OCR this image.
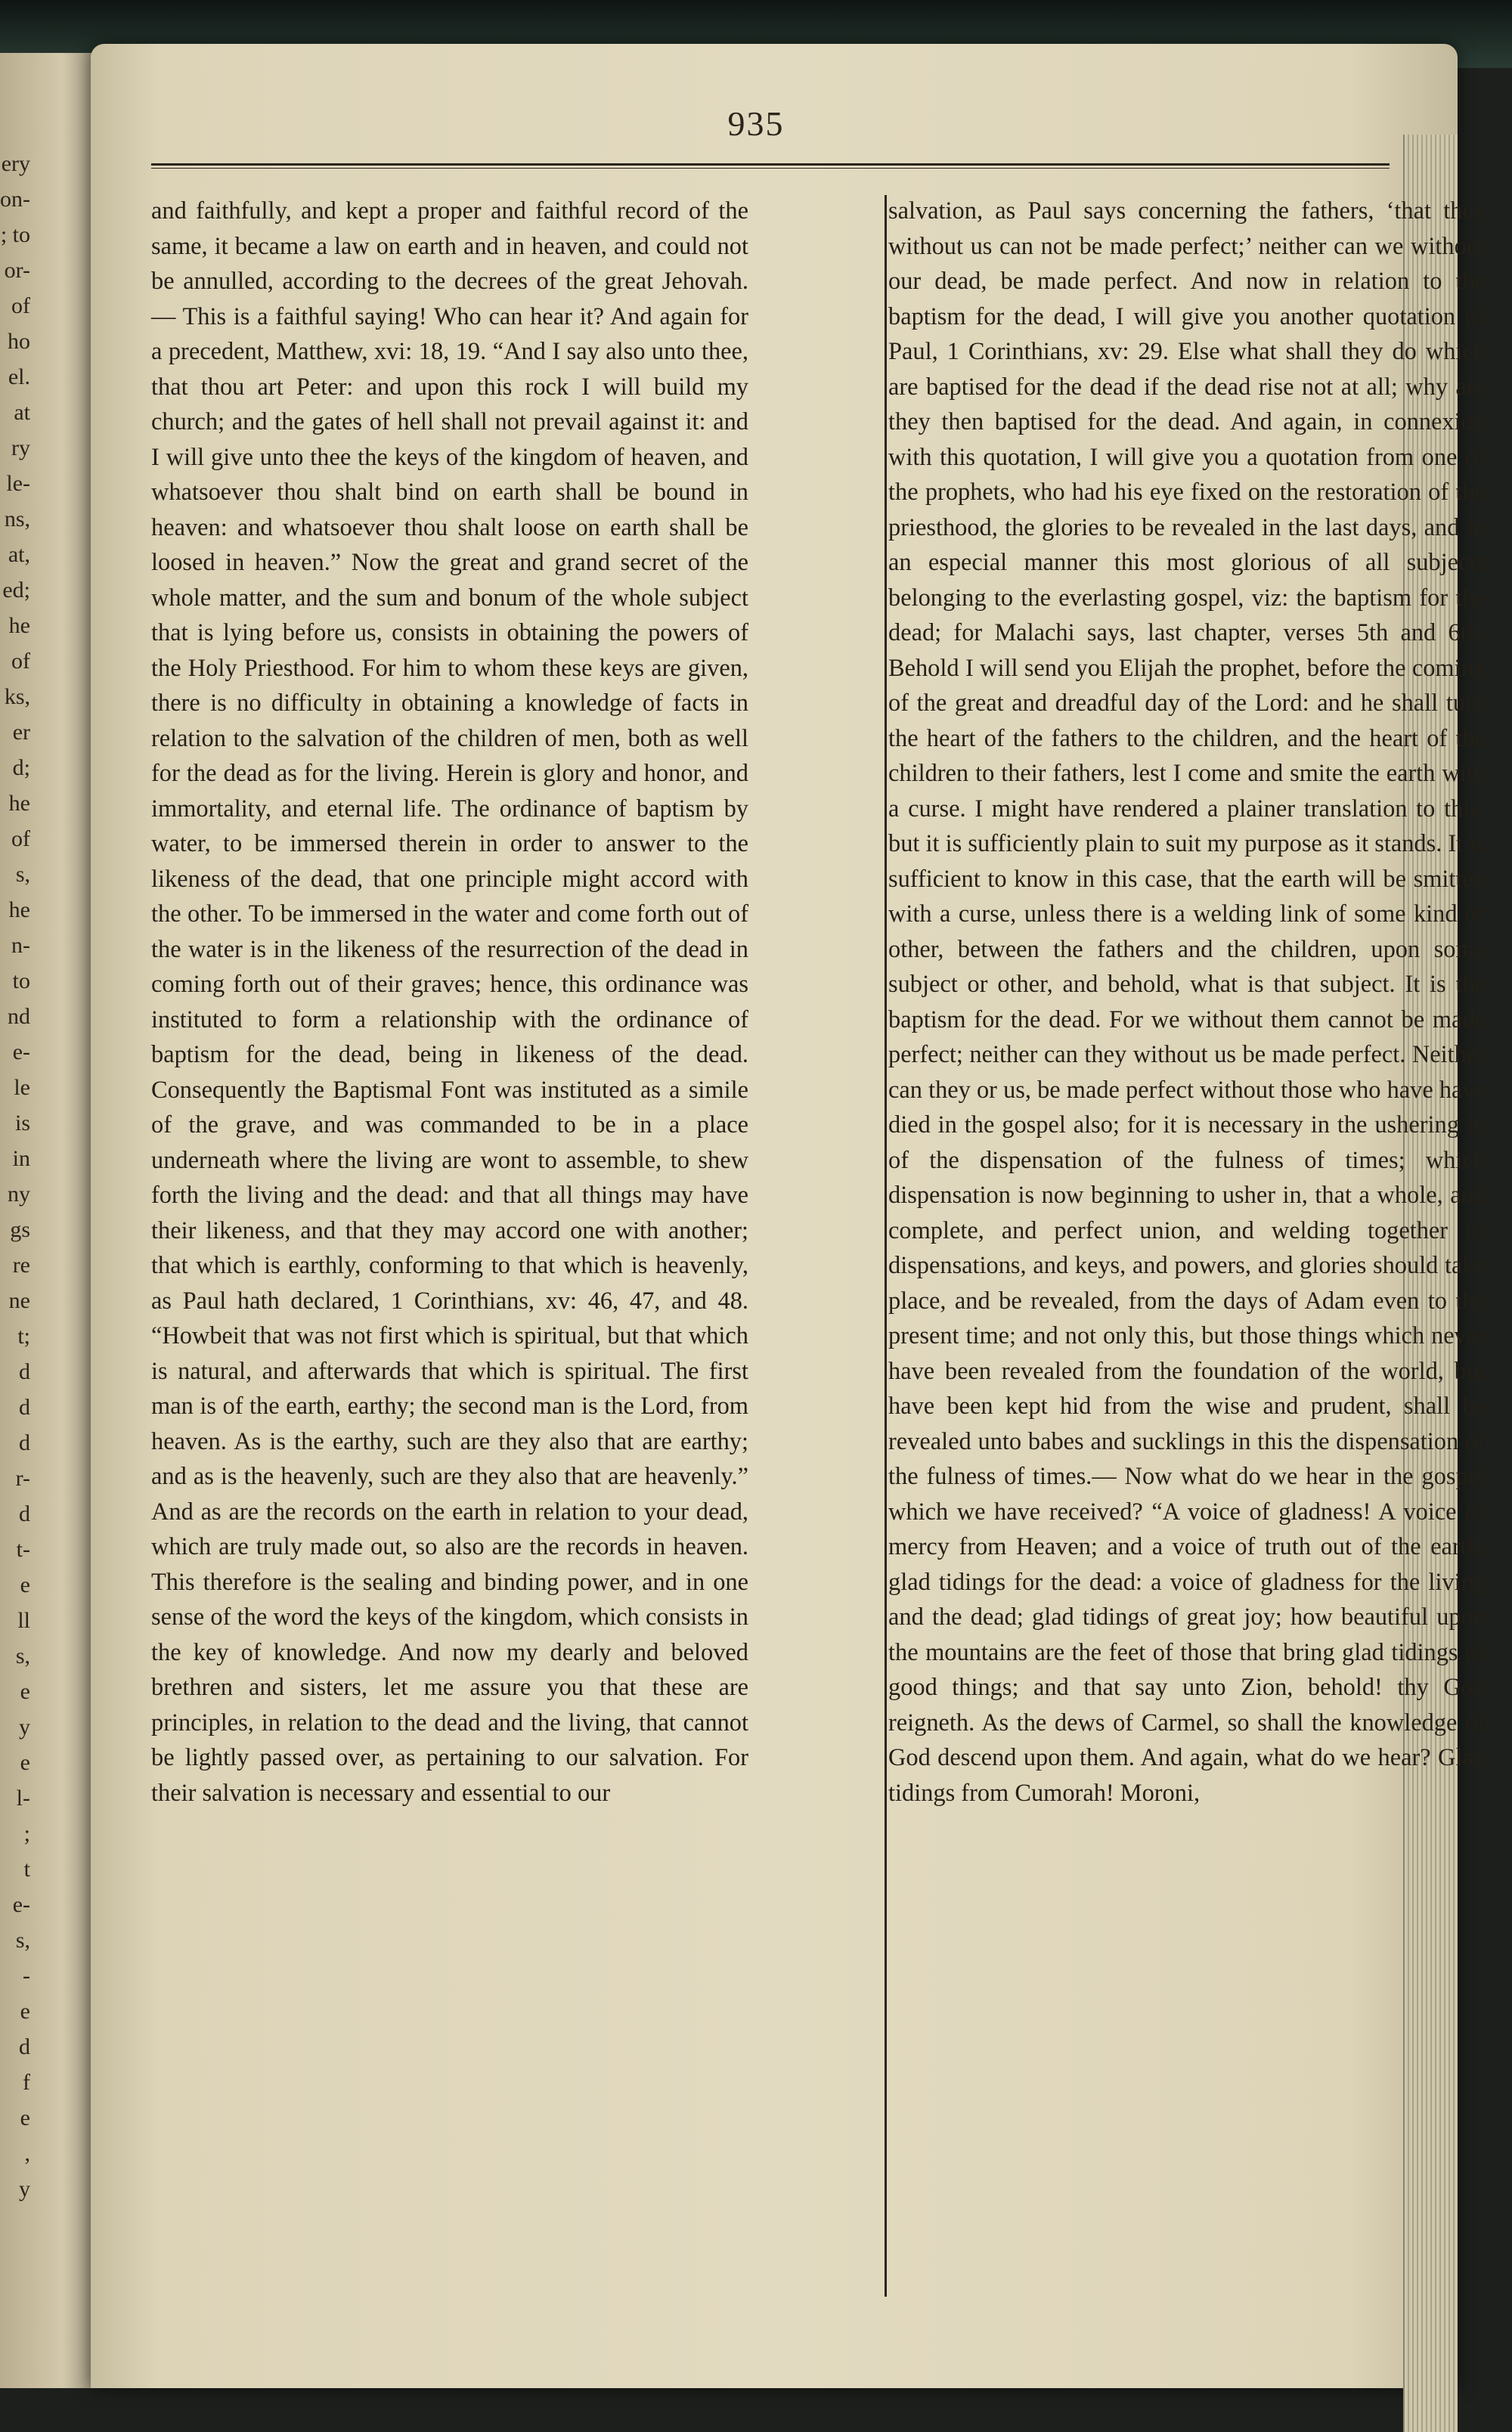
ery
on-
; to
or-
of
ho
el.
at
ry
le-
ns,
at,
ed;
he
of
ks,
er
d;
he
of
s,
he
n-
to
nd
e-
le
is
in
ny
gs
re
ne
t;
d
d
d
r-
d
t-
e
ll
s,
e
y
e
l-
;
t
e-
s,
-
e
d
f
e
,
y
935

and faithfully, and kept a proper and faithful record of the same, it became a law on earth and in heaven, and could not be annulled, according to the decrees of the great Jehovah.— This is a faithful saying! Who can hear it? And again for a precedent, Matthew, xvi: 18, 19. “And I say also unto thee, that thou art Peter: and upon this rock I will build my church; and the gates of hell shall not prevail against it: and I will give unto thee the keys of the kingdom of heaven, and whatsoever thou shalt bind on earth shall be bound in heaven: and whatsoever thou shalt loose on earth shall be loosed in heaven.” Now the great and grand secret of the whole matter, and the sum and bonum of the whole subject that is lying before us, consists in obtaining the powers of the Holy Priesthood. For him to whom these keys are given, there is no difficulty in obtaining a knowledge of facts in relation to the salvation of the children of men, both as well for the dead as for the living. Herein is glory and honor, and immortality, and eternal life. The ordinance of baptism by water, to be immersed therein in order to answer to the likeness of the dead, that one principle might accord with the other. To be immersed in the water and come forth out of the water is in the likeness of the resurrection of the dead in coming forth out of their graves; hence, this ordinance was instituted to form a relationship with the ordinance of baptism for the dead, being in likeness of the dead. Consequently the Baptismal Font was instituted as a simile of the grave, and was commanded to be in a place underneath where the living are wont to assemble, to shew forth the living and the dead: and that all things may have their likeness, and that they may accord one with another; that which is earthly, conforming to that which is heavenly, as Paul hath declared, 1 Corinthians, xv: 46, 47, and 48. “Howbeit that was not first which is spiritual, but that which is natural, and afterwards that which is spiritual. The first man is of the earth, earthy; the second man is the Lord, from heaven. As is the earthy, such are they also that are earthy; and as is the heavenly, such are they also that are heavenly.” And as are the records on the earth in relation to your dead, which are truly made out, so also are the records in heaven. This therefore is the sealing and binding power, and in one sense of the word the keys of the kingdom, which consists in the key of knowledge. And now my dearly and beloved brethren and sisters, let me assure you that these are principles, in relation to the dead and the living, that cannot be lightly passed over, as pertaining to our salvation. For their salvation is necessary and essential to our

salvation, as Paul says concerning the fathers, ‘that they without us can not be made perfect;’ neither can we without our dead, be made perfect. And now in relation to the baptism for the dead, I will give you another quotation of Paul, 1 Corinthians, xv: 29. Else what shall they do which are baptised for the dead if the dead rise not at all; why are they then baptised for the dead. And again, in connexion with this quotation, I will give you a quotation from one of the prophets, who had his eye fixed on the restoration of the priesthood, the glories to be revealed in the last days, and in an especial manner this most glorious of all subjects belonging to the everlasting gospel, viz: the baptism for the dead; for Malachi says, last chapter, verses 5th and 6th, Behold I will send you Elijah the prophet, before the coming of the great and dreadful day of the Lord: and he shall turn the heart of the fathers to the children, and the heart of the children to their fathers, lest I come and smite the earth with a curse. I might have rendered a plainer translation to this, but it is sufficiently plain to suit my purpose as it stands. It is sufficient to know in this case, that the earth will be smitten with a curse, unless there is a welding link of some kind or other, between the fathers and the children, upon some subject or other, and behold, what is that subject. It is the baptism for the dead. For we without them cannot be made perfect; neither can they without us be made perfect. Neither can they or us, be made perfect without those who have have died in the gospel also; for it is necessary in the ushering in of the dispensation of the fulness of times; which dispensation is now beginning to usher in, that a whole, and complete, and perfect union, and welding together of dispensations, and keys, and powers, and glories should take place, and be revealed, from the days of Adam even to the present time; and not only this, but those things which never have been revealed from the foundation of the world, but have been kept hid from the wise and prudent, shall be revealed unto babes and sucklings in this the dispensation of the fulness of times.— Now what do we hear in the gospel which we have received? “A voice of gladness! A voice of mercy from Heaven; and a voice of truth out of the earth, glad tidings for the dead: a voice of gladness for the living and the dead; glad tidings of great joy; how beautiful upon the mountains are the feet of those that bring glad tidings of good things; and that say unto Zion, behold! thy God reigneth. As the dews of Carmel, so shall the knowledge of God descend upon them. And again, what do we hear? Glad tidings from Cumorah! Moroni,
